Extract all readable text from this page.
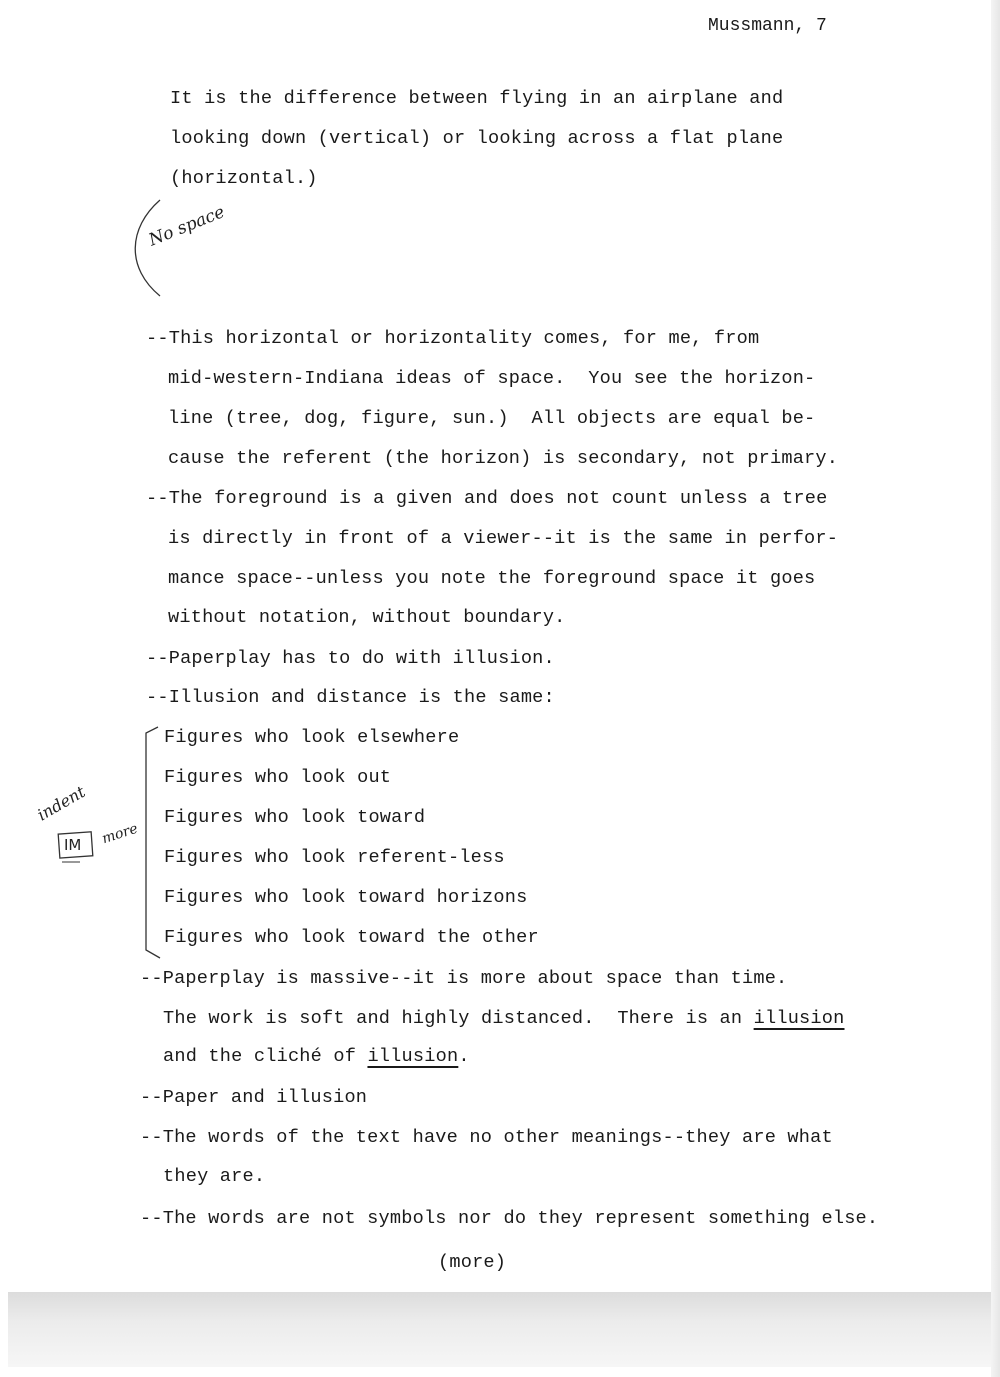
Mussmann, 7
It is the difference between flying in an airplane and
looking down (vertical) or looking across a flat plane
(horizontal.)
No space
--This horizontal or horizontality comes, for me, from
mid-western-Indiana ideas of space.  You see the horizon-
line (tree, dog, figure, sun.)  All objects are equal be-
cause the referent (the horizon) is secondary, not primary.
--The foreground is a given and does not count unless a tree
is directly in front of a viewer--it is the same in perfor-
mance space--unless you note the foreground space it goes
without notation, without boundary.
--Paperplay has to do with illusion.
--Illusion and distance is the same:
Figures who look elsewhere
Figures who look out
Figures who look toward
Figures who look referent-less
Figures who look toward horizons
Figures who look toward the other
indent
IM more
--Paperplay is massive--it is more about space than time.
The work is soft and highly distanced.  There is an illusion
and the cliché of illusion.
--Paper and illusion
--The words of the text have no other meanings--they are what
they are.
--The words are not symbols nor do they represent something else.
(more)
